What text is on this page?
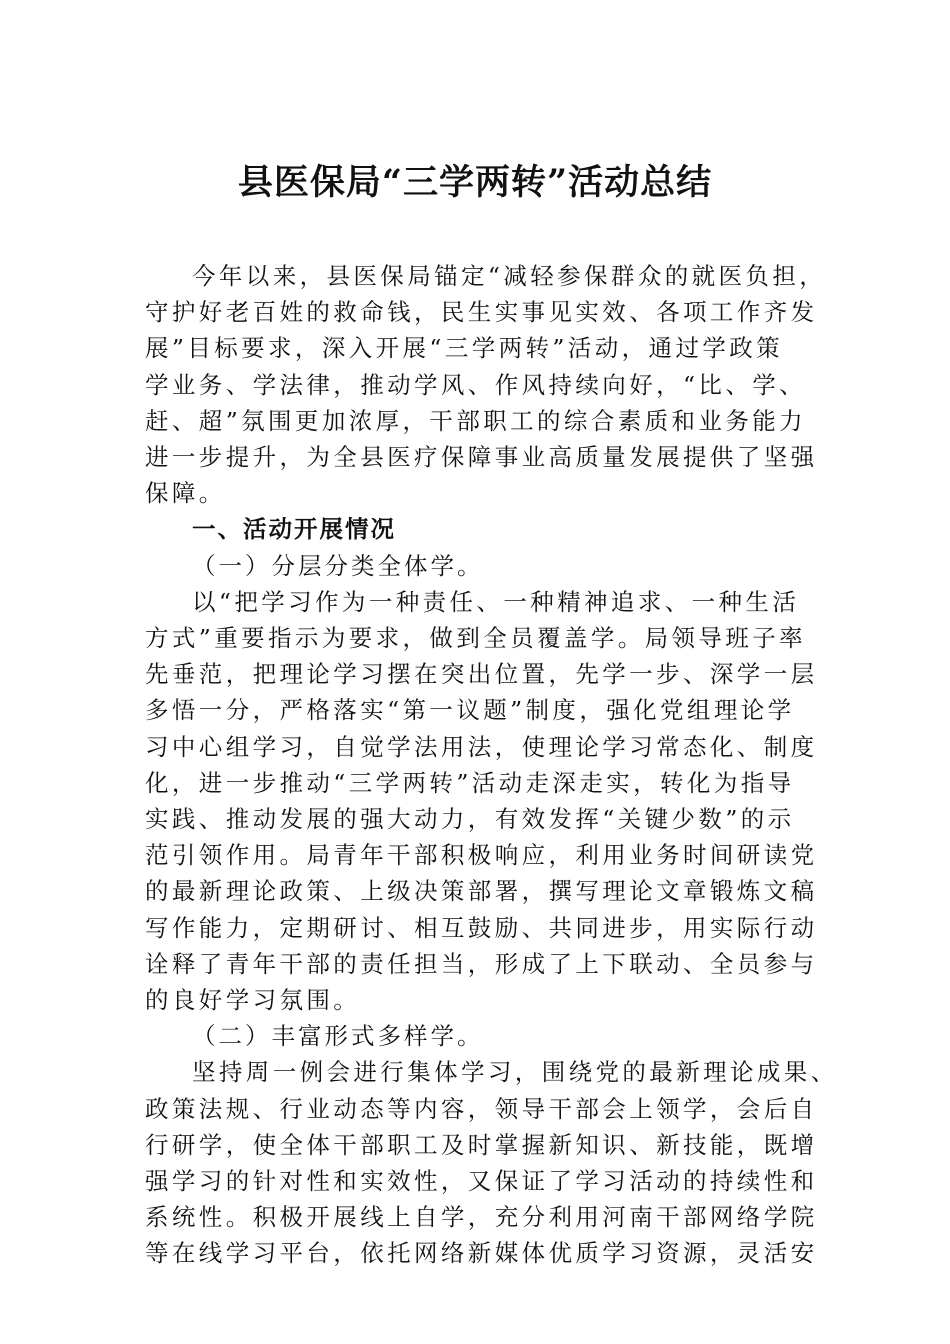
县医保局“三学两转”活动总结

今年以来，县医保局锚定“减轻参保群众的就医负担，
守护好老百姓的救命钱，民生实事见实效、各项工作齐发
展”目标要求，深入开展“三学两转”活动，通过学政策
学业务、学法律，推动学风、作风持续向好，“比、学、
赶、超”氛围更加浓厚，干部职工的综合素质和业务能力
进一步提升，为全县医疗保障事业高质量发展提供了坚强
保障。

一、活动开展情况

（一）分层分类全体学。

以“把学习作为一种责任、一种精神追求、一种生活
方式”重要指示为要求，做到全员覆盖学。局领导班子率
先垂范，把理论学习摆在突出位置，先学一步、深学一层
多悟一分，严格落实“第一议题”制度，强化党组理论学
习中心组学习，自觉学法用法，使理论学习常态化、制度
化，进一步推动“三学两转”活动走深走实，转化为指导
实践、推动发展的强大动力，有效发挥“关键少数”的示
范引领作用。局青年干部积极响应，利用业务时间研读党
的最新理论政策、上级决策部署，撰写理论文章锻炼文稿
写作能力，定期研讨、相互鼓励、共同进步，用实际行动
诠释了青年干部的责任担当，形成了上下联动、全员参与
的良好学习氛围。

（二）丰富形式多样学。

坚持周一例会进行集体学习，围绕党的最新理论成果、
政策法规、行业动态等内容，领导干部会上领学，会后自
行研学，使全体干部职工及时掌握新知识、新技能，既增
强学习的针对性和实效性，又保证了学习活动的持续性和
系统性。积极开展线上自学，充分利用河南干部网络学院
等在线学习平台，依托网络新媒体优质学习资源，灵活安
